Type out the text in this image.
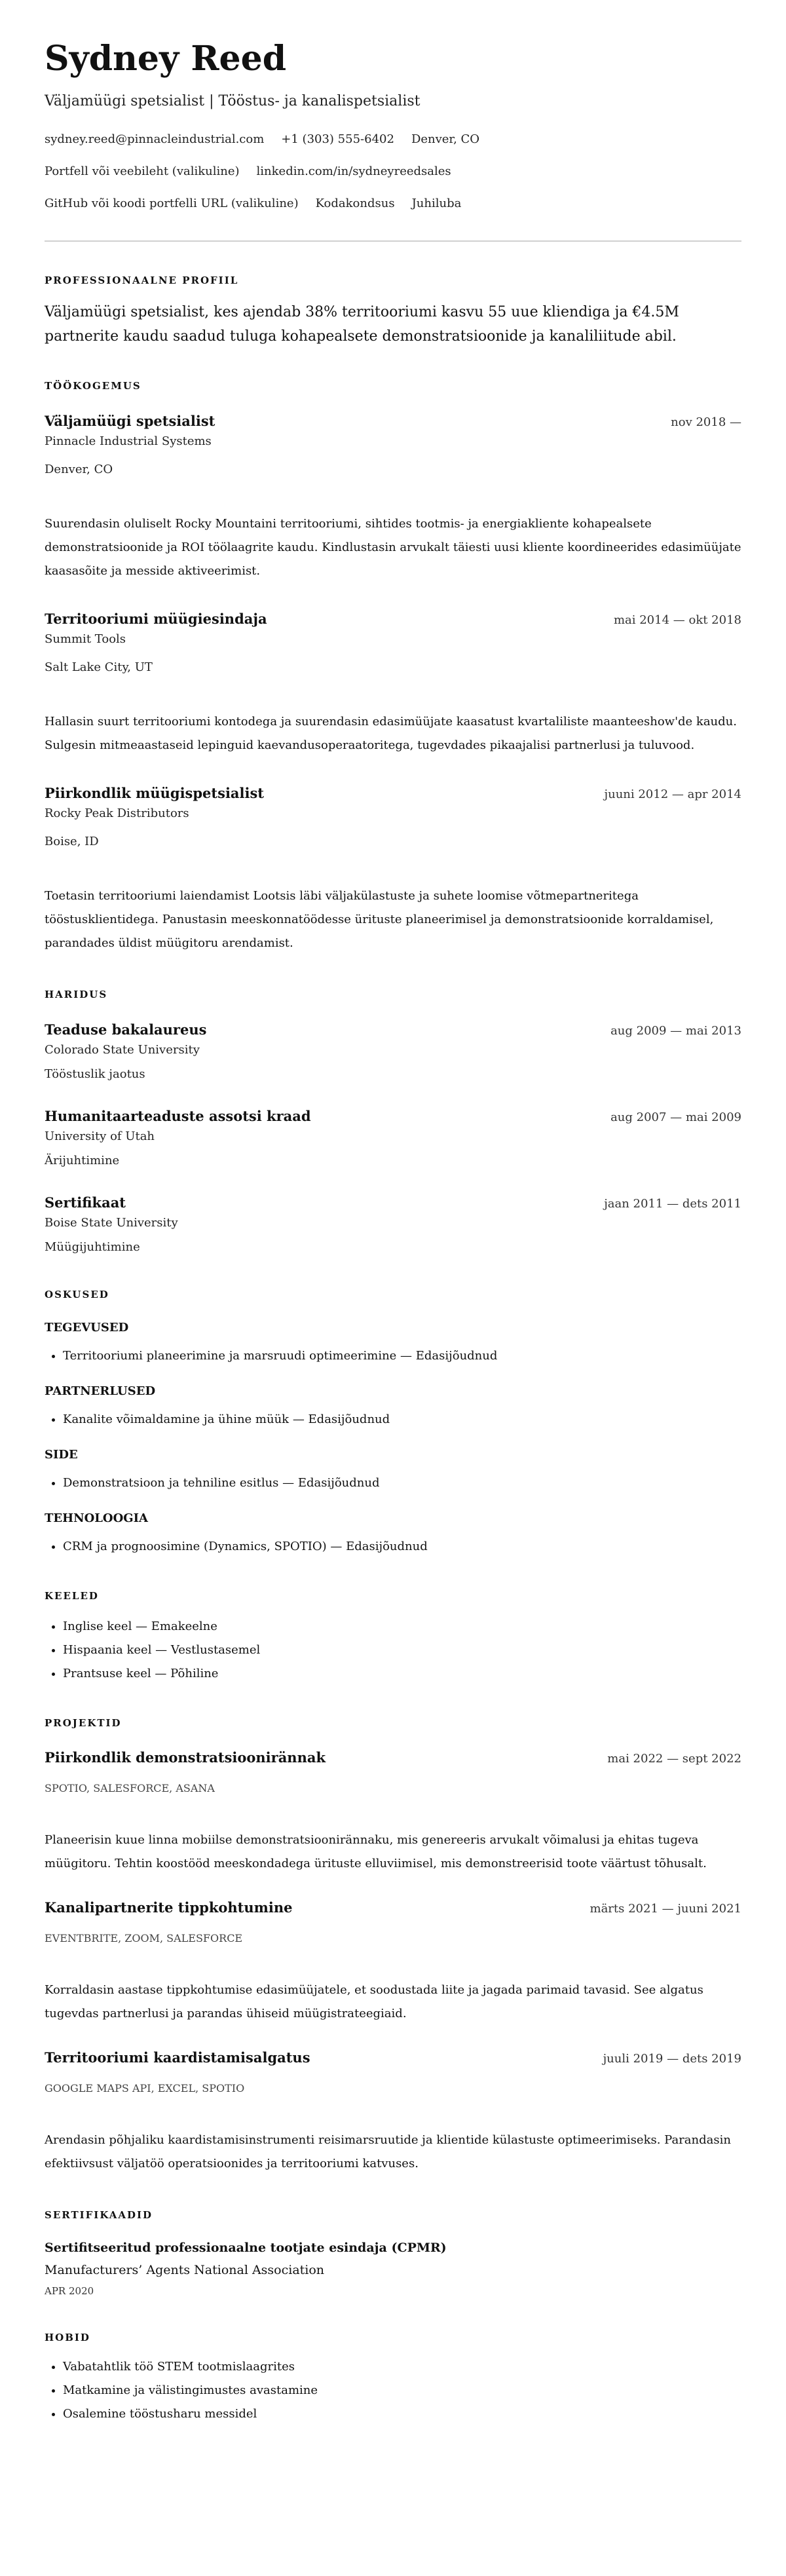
Sydney Reed
Väljamüügi spetsialist | Tööstus- ja kanalispetsialist
sydney.reed@pinnacleindustrial.com +1 (303) 555-6402 Denver, CO
Portfell või veebileht (valikuline) linkedin.com/in/sydneyreedsales
GitHub või koodi portfelli URL (valikuline) Kodakondsus Juhiluba
PROFESSIONAALNE PROFIIL
Väljamüügi spetsialist, kes ajendab 38% territooriumi kasvu 55 uue kliendiga ja €4.5M partnerite kaudu saadud tuluga kohapealsete demonstratsioonide ja kanaliliitude abil.
TÖÖKOGEMUS
Väljamüügi spetsialist	nov 2018 —
Pinnacle Industrial Systems
Denver, CO
Suurendasin oluliselt Rocky Mountaini territooriumi, sihtides tootmis- ja energiakliente kohapealsete demonstratsioonide ja ROI töölaagrite kaudu. Kindlustasin arvukalt täiesti uusi kliente koordineerides edasimüüjate kaasasõite ja messide aktiveerimist.
Territooriumi müügiesindaja	mai 2014 — okt 2018
Summit Tools
Salt Lake City, UT
Hallasin suurt territooriumi kontodega ja suurendasin edasimüüjate kaasatust kvartaliliste maanteeshow'de kaudu. Sulgesin mitmeaastaseid lepinguid kaevandusoperaatoritega, tugevdades pikaajalisi partnerlusi ja tuluvood.
Piirkondlik müügispetsialist	juuni 2012 — apr 2014
Rocky Peak Distributors
Boise, ID
Toetasin territooriumi laiendamist Lootsis läbi väljakülastuste ja suhete loomise võtmepartneritega tööstusklientidega. Panustasin meeskonnatöödesse ürituste planeerimisel ja demonstratsioonide korraldamisel, parandades üldist müügitoru arendamist.
HARIDUS
Teaduse bakalaureus	aug 2009 — mai 2013
Colorado State University
Tööstuslik jaotus
Humanitaarteaduste assotsi kraad	aug 2007 — mai 2009
University of Utah
Ärijuhtimine
Sertifikaat	jaan 2011 — dets 2011
Boise State University
Müügijuhtimine
OSKUSED
TEGEVUSED
• Territooriumi planeerimine ja marsruudi optimeerimine — Edasijõudnud
PARTNERLUSED
• Kanalite võimaldamine ja ühine müük — Edasijõudnud
SIDE
• Demonstratsioon ja tehniline esitlus — Edasijõudnud
TEHNOLOOGIA
• CRM ja prognoosimine (Dynamics, SPOTIO) — Edasijõudnud
KEELED
• Inglise keel — Emakeelne
• Hispaania keel — Vestlustasemel
• Prantsuse keel — Põhiline
PROJEKTID
Piirkondlik demonstratsioonirännak	mai 2022 — sept 2022
SPOTIO, SALESFORCE, ASANA
Planeerisin kuue linna mobiilse demonstratsioonirännaku, mis genereeris arvukalt võimalusi ja ehitas tugeva müügitoru. Tehtin koostööd meeskondadega ürituste elluviimisel, mis demonstreerisid toote väärtust tõhusalt.
Kanalipartnerite tippkohtumine	märts 2021 — juuni 2021
EVENTBRITE, ZOOM, SALESFORCE
Korraldasin aastase tippkohtumise edasimüüjatele, et soodustada liite ja jagada parimaid tavasid. See algatus tugevdas partnerlusi ja parandas ühiseid müügistrateegiaid.
Territooriumi kaardistamisalgatus	juuli 2019 — dets 2019
GOOGLE MAPS API, EXCEL, SPOTIO
Arendasin põhjaliku kaardistamisinstrumenti reisimarsruutide ja klientide külastuste optimeerimiseks. Parandasin efektiivsust väljatöö operatsioonides ja territooriumi katvuses.
SERTIFIKAADID
Sertifitseeritud professionaalne tootjate esindaja (CPMR)
Manufacturers’ Agents National Association
APR 2020
HOBID
• Vabatahtlik töö STEM tootmislaagrites
• Matkamine ja välistingimustes avastamine
• Osalemine tööstusharu messidel
